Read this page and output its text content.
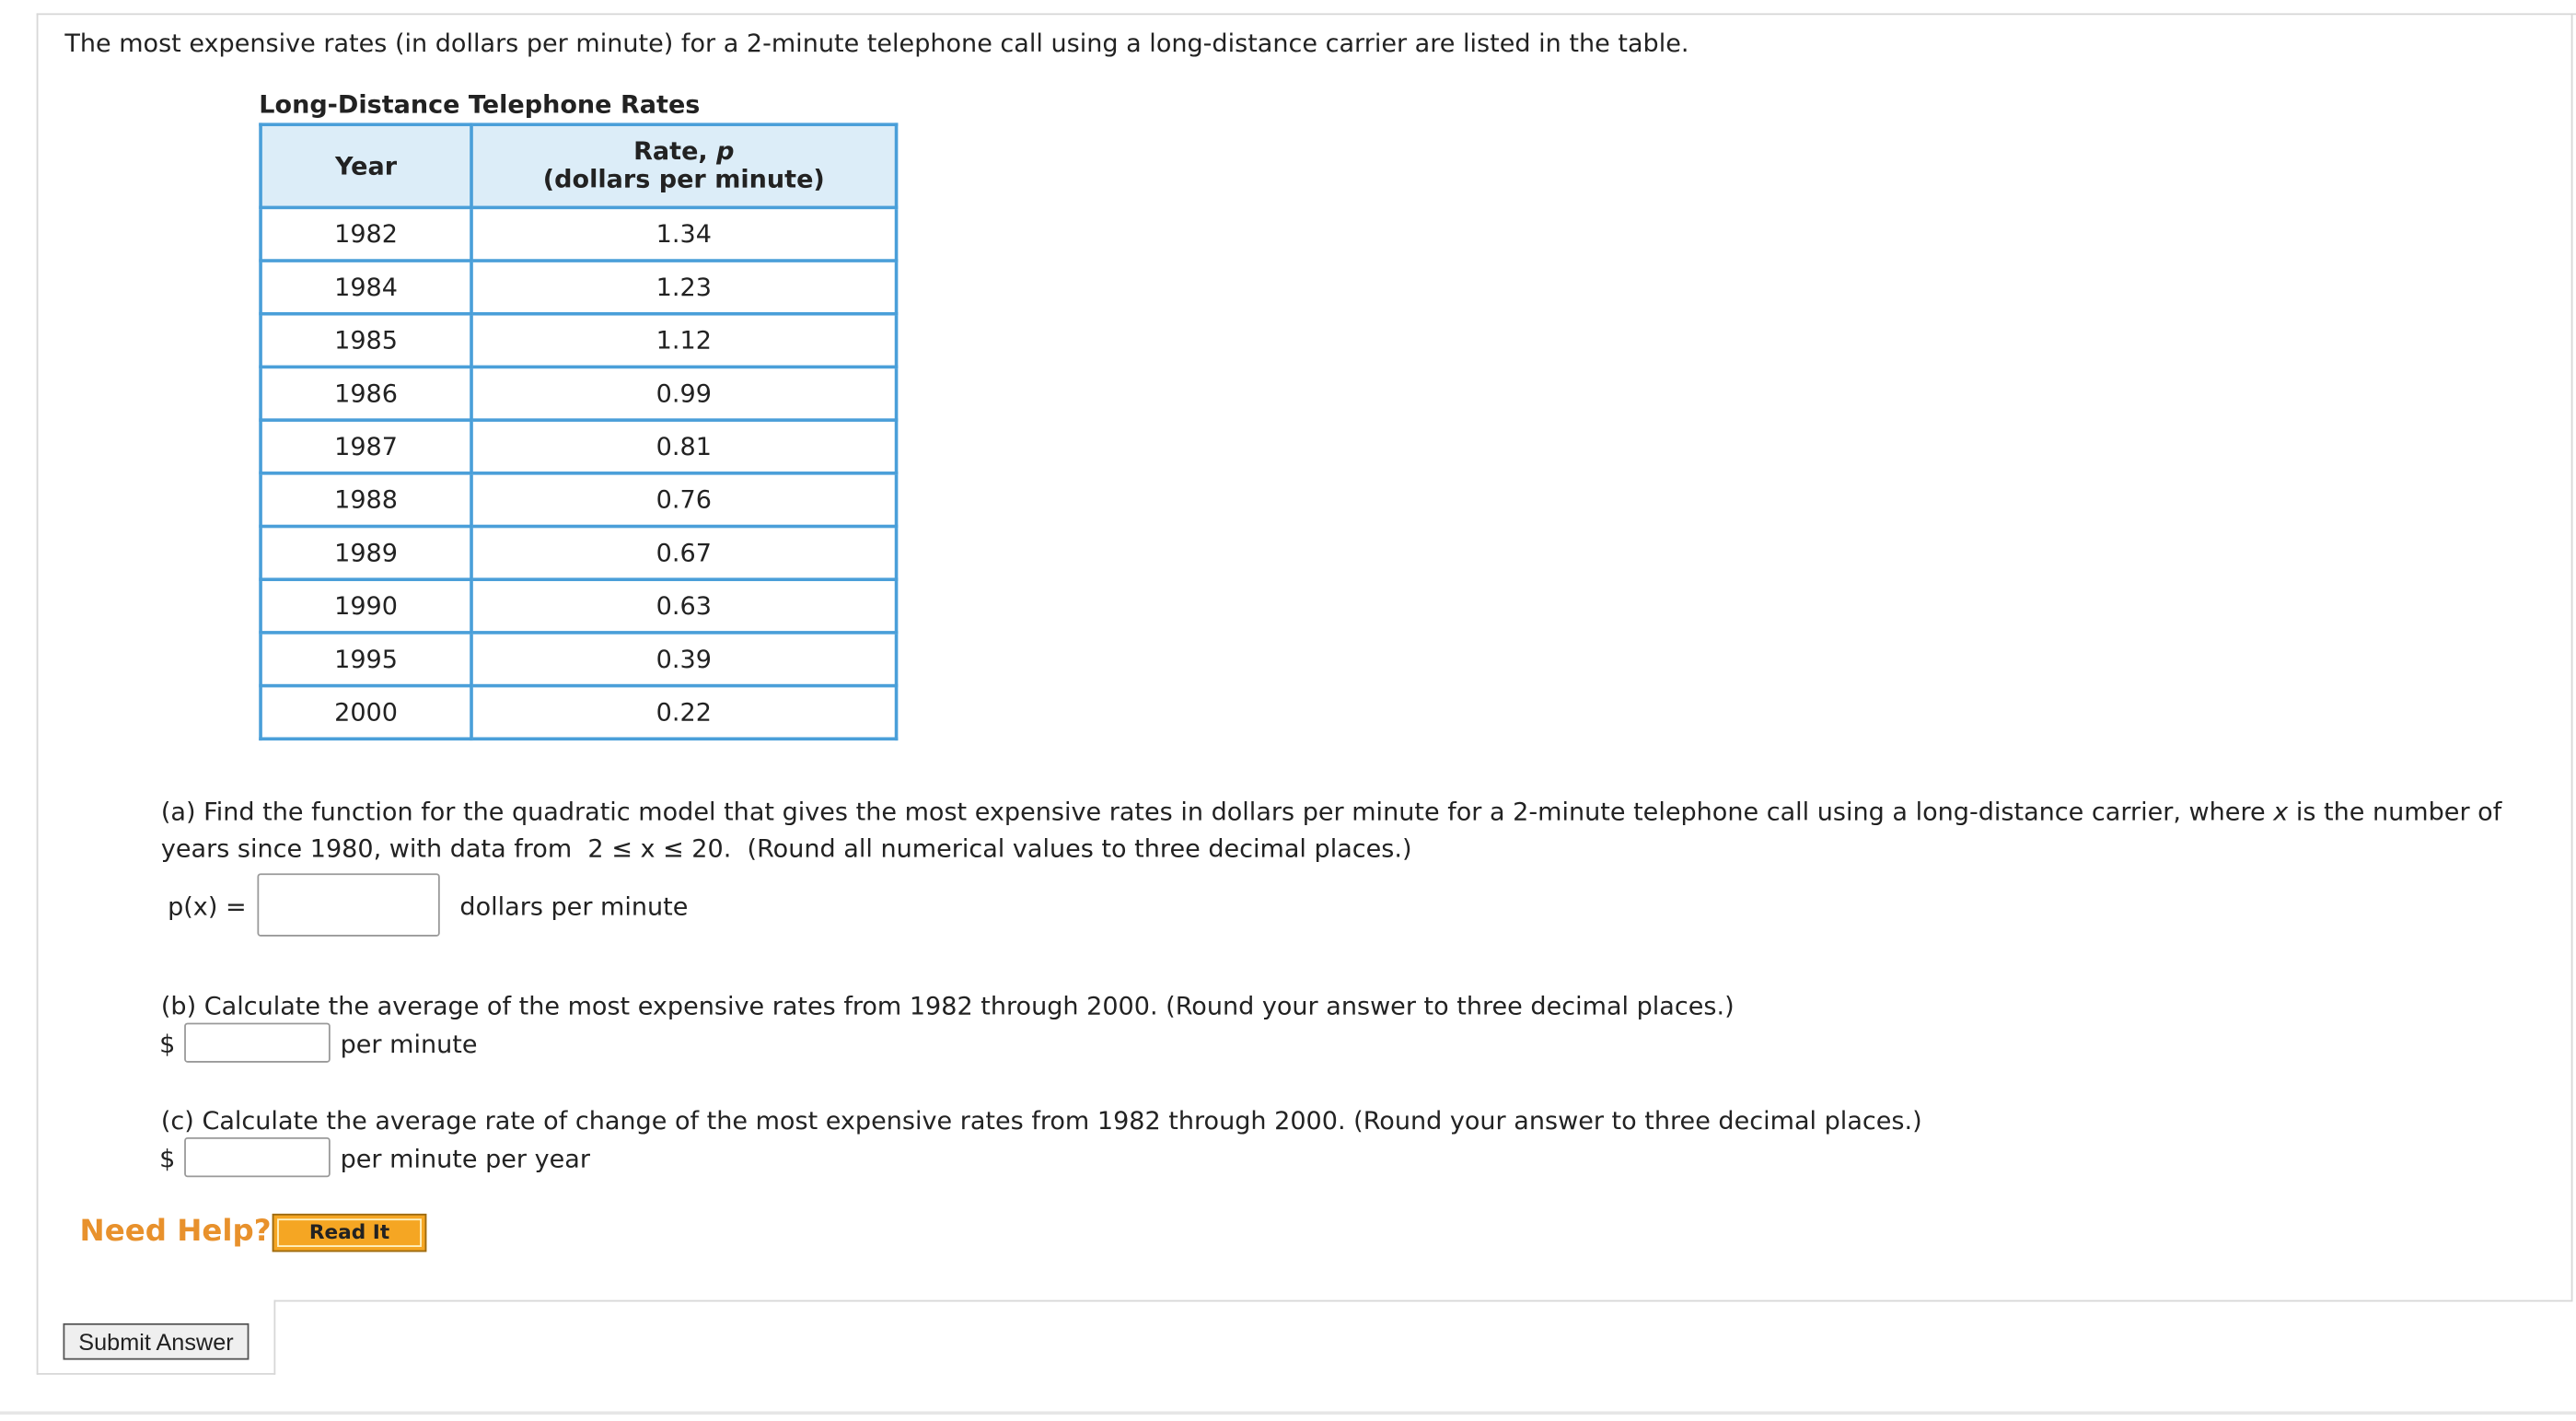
The most expensive rates (in dollars per minute) for a 2-minute telephone call using a long-distance carrier are listed in the table.
Long-Distance Telephone Rates
Year	Rate, p
(dollars per minute)
1982	1.34
1984	1.23
1985	1.12
1986	0.99
1987	0.81
1988	0.76
1989	0.67
1990	0.63
1995	0.39
2000	0.22
(a) Find the function for the quadratic model that gives the most expensive rates in dollars per minute for a 2-minute telephone call using a long-distance carrier, where x is the number of years since 1980, with data from 2 ≤ x ≤ 20. (Round all numerical values to three decimal places.)
p(x) =	dollars per minute
(b) Calculate the average of the most expensive rates from 1982 through 2000. (Round your answer to three decimal places.)
$	per minute
(c) Calculate the average rate of change of the most expensive rates from 1982 through 2000. (Round your answer to three decimal places.)
$	per minute per year
Need Help?	Read It
Submit Answer
